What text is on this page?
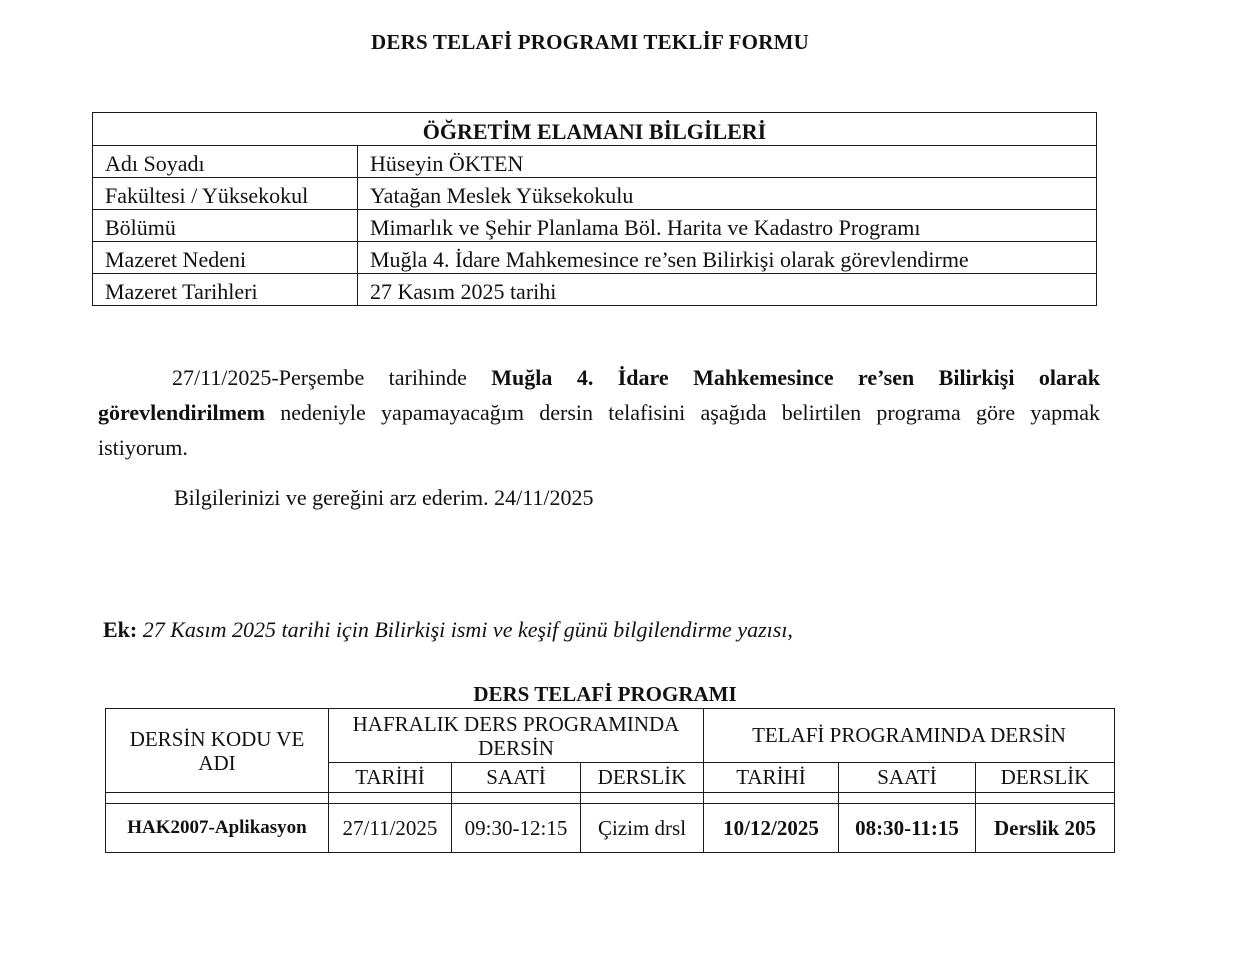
DERS TELAFİ PROGRAMI TEKLİF FORMU
ÖĞRETİM ELAMANI BİLGİLERİ	
Adı Soyadı	Hüseyin ÖKTEN
Fakültesi / Yüksekokul	Yatağan Meslek Yüksekokulu
Bölümü	Mimarlık ve Şehir Planlama Böl. Harita ve Kadastro Programı
Mazeret Nedeni	Muğla 4. İdare Mahkemesince re’sen Bilirkişi olarak görevlendirme
Mazeret Tarihleri	27 Kasım 2025 tarihi
27/11/2025-Perşembe tarihinde Muğla 4. İdare Mahkemesince re’sen Bilirkişi olarak görevlendirilmem nedeniyle yapamayacağım dersin telafisini aşağıda belirtilen programa göre yapmak istiyorum.
Bilgilerinizi ve gereğini arz ederim. 24/11/2025
Ek: 27 Kasım 2025 tarihi için Bilirkişi ismi ve keşif günü bilgilendirme yazısı,
DERS TELAFİ PROGRAMI
DERSİN KODU VE ADI	HAFRALIK DERS PROGRAMINDA DERSİN			TELAFİ PROGRAMINDA DERSİN		
	TARİHİ	SAATİ	DERSLİK	TARİHİ	SAATİ	DERSLİK

HAK2007-Aplikasyon	27/11/2025	09:30-12:15	Çizim drsl	10/12/2025	08:30-11:15	Derslik 205
